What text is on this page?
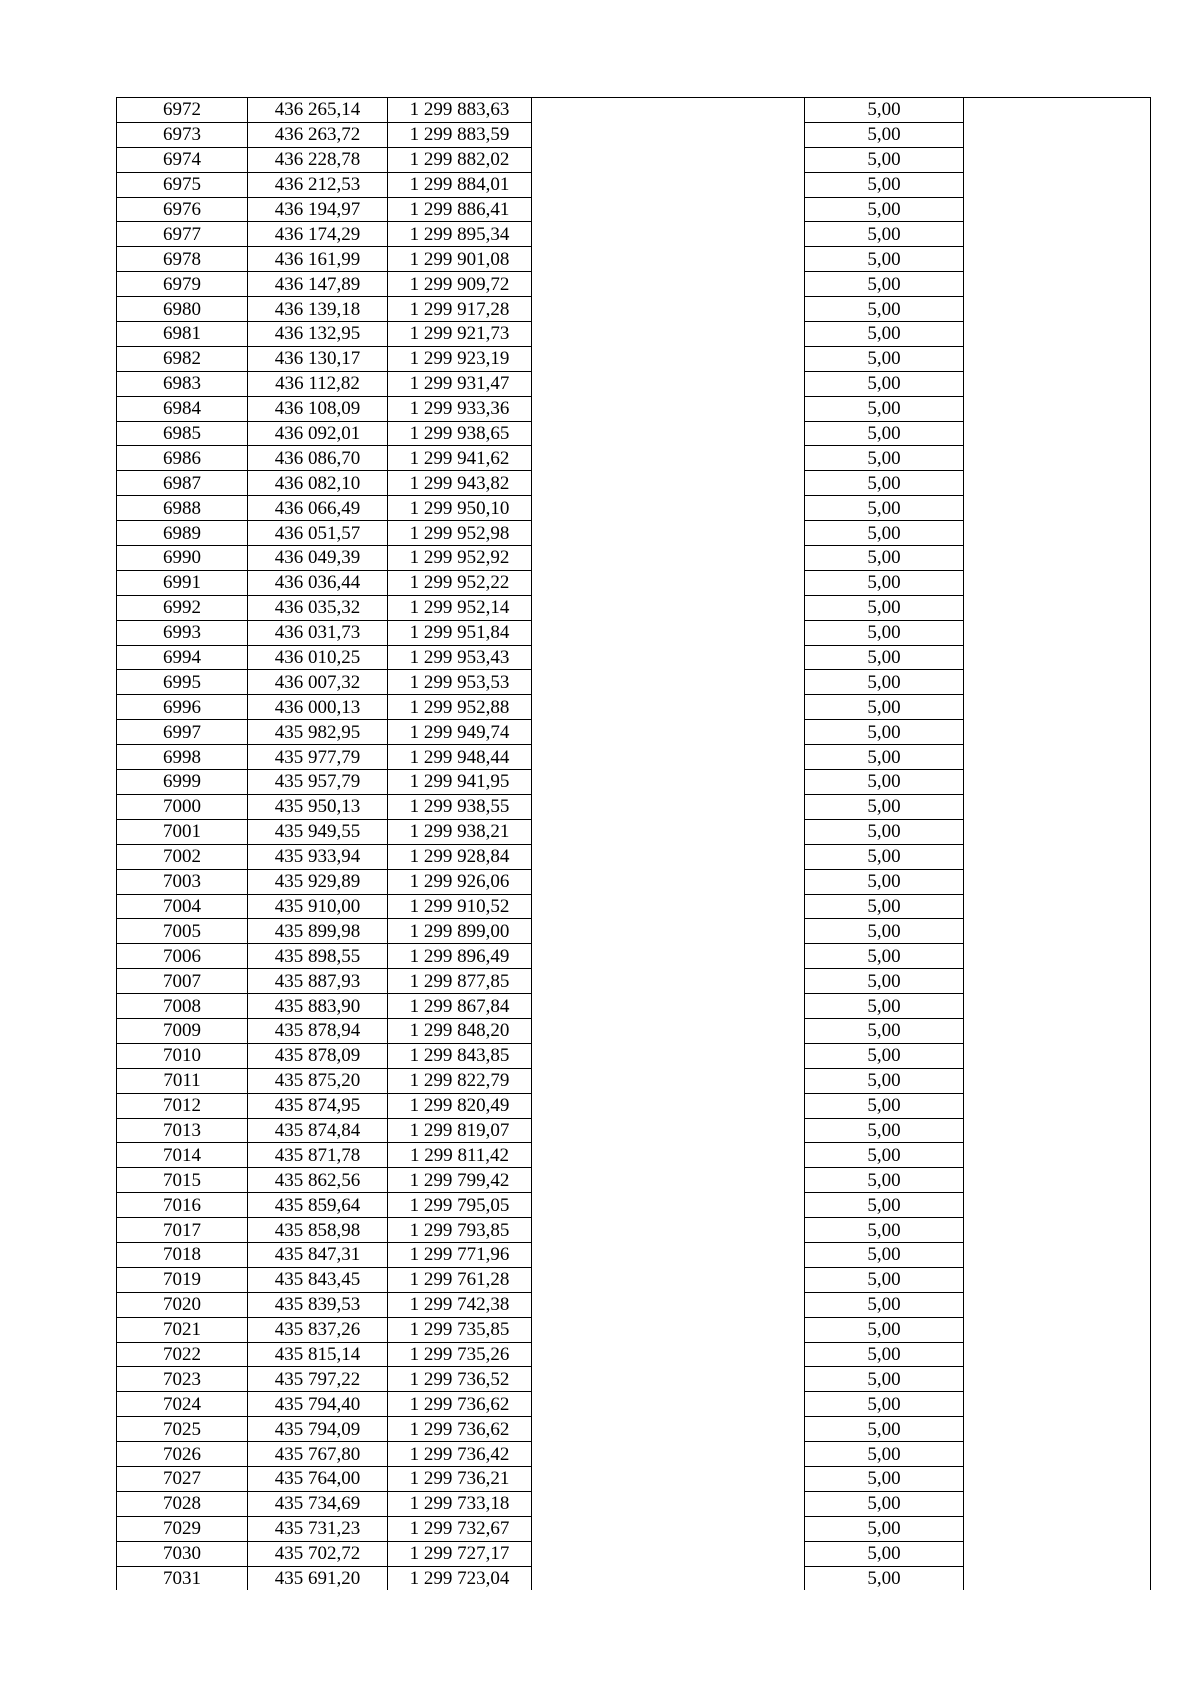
6972	436 265,14	1 299 883,63		5,00	
6973	436 263,72	1 299 883,59		5,00	
6974	436 228,78	1 299 882,02		5,00	
6975	436 212,53	1 299 884,01		5,00	
6976	436 194,97	1 299 886,41		5,00	
6977	436 174,29	1 299 895,34		5,00	
6978	436 161,99	1 299 901,08		5,00	
6979	436 147,89	1 299 909,72		5,00	
6980	436 139,18	1 299 917,28		5,00	
6981	436 132,95	1 299 921,73		5,00	
6982	436 130,17	1 299 923,19		5,00	
6983	436 112,82	1 299 931,47		5,00	
6984	436 108,09	1 299 933,36		5,00	
6985	436 092,01	1 299 938,65		5,00	
6986	436 086,70	1 299 941,62		5,00	
6987	436 082,10	1 299 943,82		5,00	
6988	436 066,49	1 299 950,10		5,00	
6989	436 051,57	1 299 952,98		5,00	
6990	436 049,39	1 299 952,92		5,00	
6991	436 036,44	1 299 952,22		5,00	
6992	436 035,32	1 299 952,14		5,00	
6993	436 031,73	1 299 951,84		5,00	
6994	436 010,25	1 299 953,43		5,00	
6995	436 007,32	1 299 953,53		5,00	
6996	436 000,13	1 299 952,88		5,00	
6997	435 982,95	1 299 949,74		5,00	
6998	435 977,79	1 299 948,44		5,00	
6999	435 957,79	1 299 941,95		5,00	
7000	435 950,13	1 299 938,55		5,00	
7001	435 949,55	1 299 938,21		5,00	
7002	435 933,94	1 299 928,84		5,00	
7003	435 929,89	1 299 926,06		5,00	
7004	435 910,00	1 299 910,52		5,00	
7005	435 899,98	1 299 899,00		5,00	
7006	435 898,55	1 299 896,49		5,00	
7007	435 887,93	1 299 877,85		5,00	
7008	435 883,90	1 299 867,84		5,00	
7009	435 878,94	1 299 848,20		5,00	
7010	435 878,09	1 299 843,85		5,00	
7011	435 875,20	1 299 822,79		5,00	
7012	435 874,95	1 299 820,49		5,00	
7013	435 874,84	1 299 819,07		5,00	
7014	435 871,78	1 299 811,42		5,00	
7015	435 862,56	1 299 799,42		5,00	
7016	435 859,64	1 299 795,05		5,00	
7017	435 858,98	1 299 793,85		5,00	
7018	435 847,31	1 299 771,96		5,00	
7019	435 843,45	1 299 761,28		5,00	
7020	435 839,53	1 299 742,38		5,00	
7021	435 837,26	1 299 735,85		5,00	
7022	435 815,14	1 299 735,26		5,00	
7023	435 797,22	1 299 736,52		5,00	
7024	435 794,40	1 299 736,62		5,00	
7025	435 794,09	1 299 736,62		5,00	
7026	435 767,80	1 299 736,42		5,00	
7027	435 764,00	1 299 736,21		5,00	
7028	435 734,69	1 299 733,18		5,00	
7029	435 731,23	1 299 732,67		5,00	
7030	435 702,72	1 299 727,17		5,00	
7031	435 691,20	1 299 723,04		5,00	
